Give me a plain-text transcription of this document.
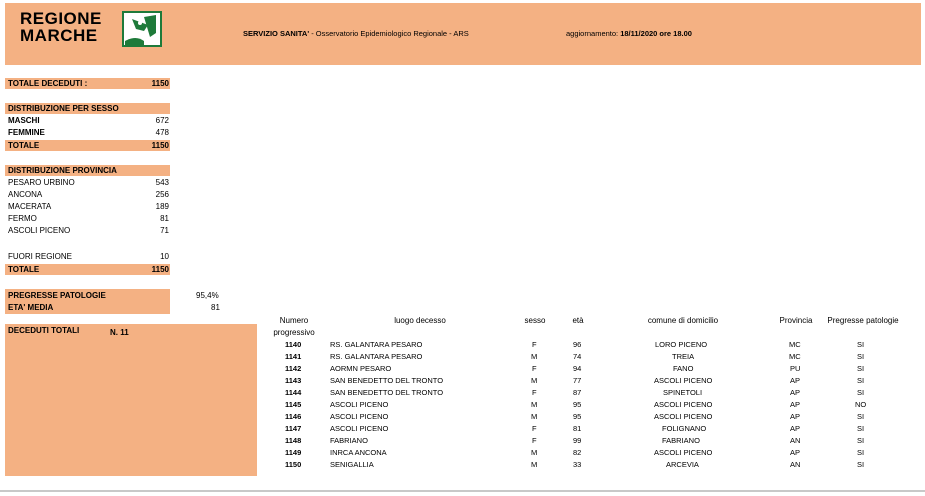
REGIONE
MARCHE	SERVIZIO SANITA' - Osservatorio Epidemiologico Regionale - ARS	aggiornamento: 18/11/2020 ore 18.00
TOTALE DECEDUTI :	1150
DISTRIBUZIONE PER SESSO
MASCHI	672
FEMMINE	478
TOTALE	1150
DISTRIBUZIONE PROVINCIA
PESARO URBINO	543
ANCONA	256
MACERATA	189
FERMO	81
ASCOLI PICENO	71
FUORI REGIONE	10
TOTALE	1150
PREGRESSE PATOLOGIE	95,4%
ETA' MEDIA	81
DECEDUTI TOTALI	N. 11
Numero
progressivo
luogo decesso	sesso	età	comune di domicilio	Provincia	Pregresse patologie
1140	RS. GALANTARA PESARO	F	96	LORO PICENO	MC	SI
1141	RS. GALANTARA PESARO	M	74	TREIA	MC	SI
1142	AORMN PESARO	F	94	FANO	PU	SI
1143	SAN BENEDETTO DEL TRONTO	M	77	ASCOLI PICENO	AP	SI
1144	SAN BENEDETTO DEL TRONTO	F	87	SPINETOLI	AP	SI
1145	ASCOLI PICENO	M	95	ASCOLI PICENO	AP	NO
1146	ASCOLI PICENO	M	95	ASCOLI PICENO	AP	SI
1147	ASCOLI PICENO	F	81	FOLIGNANO	AP	SI
1148	FABRIANO	F	99	FABRIANO	AN	SI
1149	INRCA ANCONA	M	82	ASCOLI PICENO	AP	SI
1150	SENIGALLIA	M	33	ARCEVIA	AN	SI
